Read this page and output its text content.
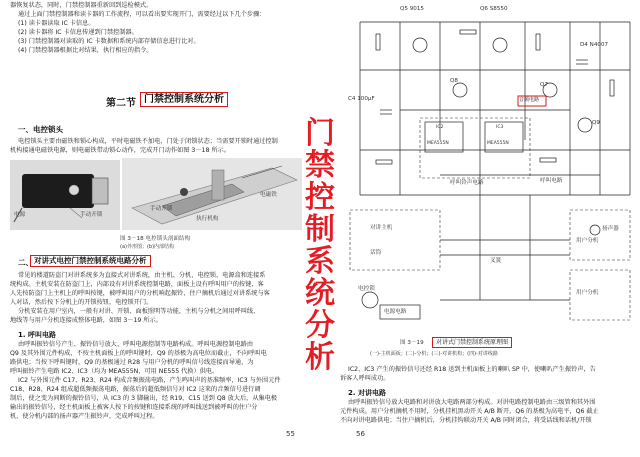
器恢复状态，同时，门禁控制器重新回到巡检模式。

通过上面门禁控制器和读卡器的工作流程，可以看出要实现开门，需要经过以下几个步骤：

(1) 读卡器读取 IC 卡信息。

(2) 读卡器将 IC 卡信息传递到门禁控制器。

(3) 门禁控制器对读取的 IC 卡数据和系统内部存储信息进行比对。

(4) 门禁控制器根据比对结果，执行相应的指令。

第二节 门禁控制系统分析
一、电控锁头

电控锁头主要由磁铁和锁心构成，平时电磁铁不加电，门处于闭锁状态；当需要开锁时通过控制

机构接通电磁铁电源，则电磁铁带动锁心动作，完成开门动作如图 3－18 所示。

电源	手动开锁
手动开锁
执行机构
电磁铁
图 3－18 电控锁头剖面结构
(a)外形图；(b)内部结构
二、 对讲式电控门禁控制系统电路分析

常见的楼道防盗门对讲系统多为直接式对讲系统，由主机、分机、电控锁、电源盒和连接系

统构成。主机安装在防盗门上，内部设有对讲系统控制电路，面板上设有呼叫用户的按键，客

人先按防盗门上主机上的呼叫按键，被呼叫用户的分机响起振铃，住户摘机后通过对讲系统与客

人对话，然后按下分机上的开锁按钮，电控锁开门。

分机安装在用户室内，一般有对讲、开锁、面板照明等功能，主机与分机之间用呼叫线、

地线等与用户分机连接成整体电路，如图 3－19 所示。

1. 呼叫电路

由呼叫振铃信号产生、振铃信号放大、呼叫电源控制等电路构成。呼叫电源控制电路由

Q9 及其外围元件构成，不按主机面板上的呼叫键时，Q9 的基极为高电位而截止，不向呼叫电

路供电；当按下呼叫键时，Q9 的基极通过 R28 与用户分机的呼叫信号线连接而导通，为

呼叫振铃产生电路 IC2、IC3（均为 MEA555N，可用 NE555 代换）供电。

IC2 与外围元件 C17、R23、R24 构成音频振荡电路，产生鸣叫声的基准频率，IC3 与外围元件

C18、R28、R24 组成超低频振荡电路，振荡后的超低频信号对 IC2 这来的音频信号进行调

制后，使之变为间断的振铃信号，从 IC3 的 3 脚输出，经 R19、C15 送到 Q8 放大后，从集电极

输出的振铃信号，经主机面板上被客人按下的按键和连接系统的呼叫线送到被呼叫的住户分

机，使分机内部的扬声器产生振铃声，完成呼叫过程。

55
门
禁
控
制
系
统
分
析
Q5 9015	Q6 S8550
D4 N4007
C4 100μF
Q7
Q8
Q9
音频电路
IC2	IC3
MEA555N	MEA555N
呼叫铃声电路	呼叫电路
对讲主机
话筒
用户分机
用户分机
扬声器
叉簧
电控锁
电源电路
图 3－19	对讲式门禁控制系统原理图
(一)-主机面板；(二)-分机；(三)-对讲机构；(四)-对讲线路

IC2、IC3 产生的振铃信号还经 R18 送到主机面板上的喇叭 SP 中，使喇叭产生振铃声，告

诉客人呼叫成功。

2. 对讲电路

由呼叫振铃信号放大电路和对讲放大电路两部分构成。对讲电路控制电路由三级管和其外围

元件构成。用户分机摘机不用时，分机挂机黑动开关 A/B 断开，Q6 的基极为高电平，Q6 截止

不向对讲电路供电；当住户摘机后，分机挂钩联动开关 A/B 同时闭合，将受话线和话机/开锁

56
